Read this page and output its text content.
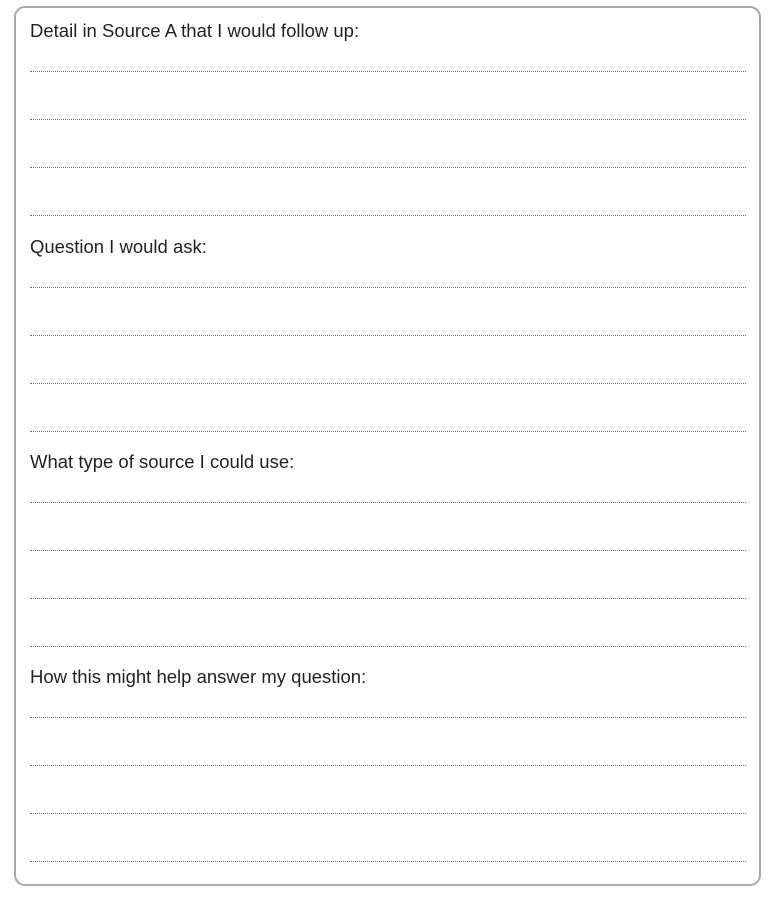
Detail in Source A that I would follow up:
Question I would ask:
What type of source I could use:
How this might help answer my question:
